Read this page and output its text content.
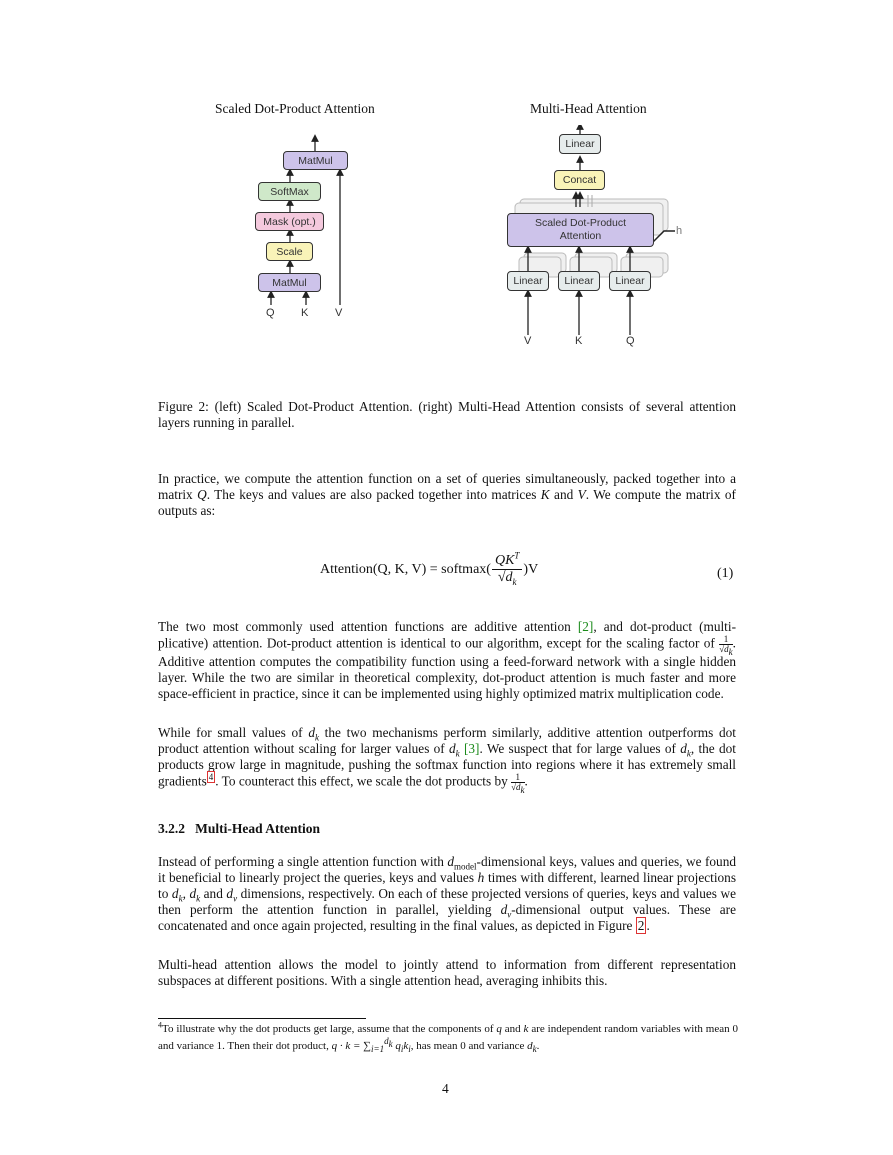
Scaled Dot-Product Attention	Multi-Head Attention
MatMul
SoftMax
Mask (opt.)
Scale
MatMul
Q K V
Linear
Concat
Scaled Dot-Product
Attention
Linear	Linear	Linear
h
V	K	Q
Figure 2: (left) Scaled Dot-Product Attention. (right) Multi-Head Attention consists of several attention layers running in parallel.
In practice, we compute the attention function on a set of queries simultaneously, packed together into a matrix Q. The keys and values are also packed together into matrices K and V. We compute the matrix of outputs as:
Attention(Q, K, V) = softmax(
$QK^T$
$√d_k$
)V	(1)
The two most commonly used attention functions are additive attention [2], and dot-product (multi-plicative) attention. Dot-product attention is identical to our algorithm, except for the scaling factor of $\frac{1}{√d_k}$ . Additive attention computes the compatibility function using a feed-forward network with a single hidden layer. While the two are similar in theoretical complexity, dot-product attention is much faster and more space-efficient in practice, since it can be implemented using highly optimized matrix multiplication code.
While for small values of $d_k$ the two mechanisms perform similarly, additive attention outperforms dot product attention without scaling for larger values of $d_k$ [3]. We suspect that for large values of $d_k$, the dot products grow large in magnitude, pushing the softmax function into regions where it has extremely small gradients $^4$ . To counteract this effect, we scale the dot products by $\frac{1}{√d_k}$ .
3.2.2 Multi-Head Attention
Instead of performing a single attention function with $d_{model}$-dimensional keys, values and queries, we found it beneficial to linearly project the queries, keys and values h times with different, learned linear projections to $d_k$, $d_k$ and $d_v$ dimensions, respectively. On each of these projected versions of queries, keys and values we then perform the attention function in parallel, yielding $d_v$-dimensional output values. These are concatenated and once again projected, resulting in the final values, as depicted in Figure 2 .
Multi-head attention allows the model to jointly attend to information from different representation subspaces at different positions. With a single attention head, averaging inhibits this.
$^4$To illustrate why the dot products get large, assume that the components of q and k are independent random variables with mean 0 and variance 1. Then their dot product, $q \cdot k = \sum_{i=1}^{d_k}$ $q_ik_i$, has mean 0 and variance $d_k$.
4
